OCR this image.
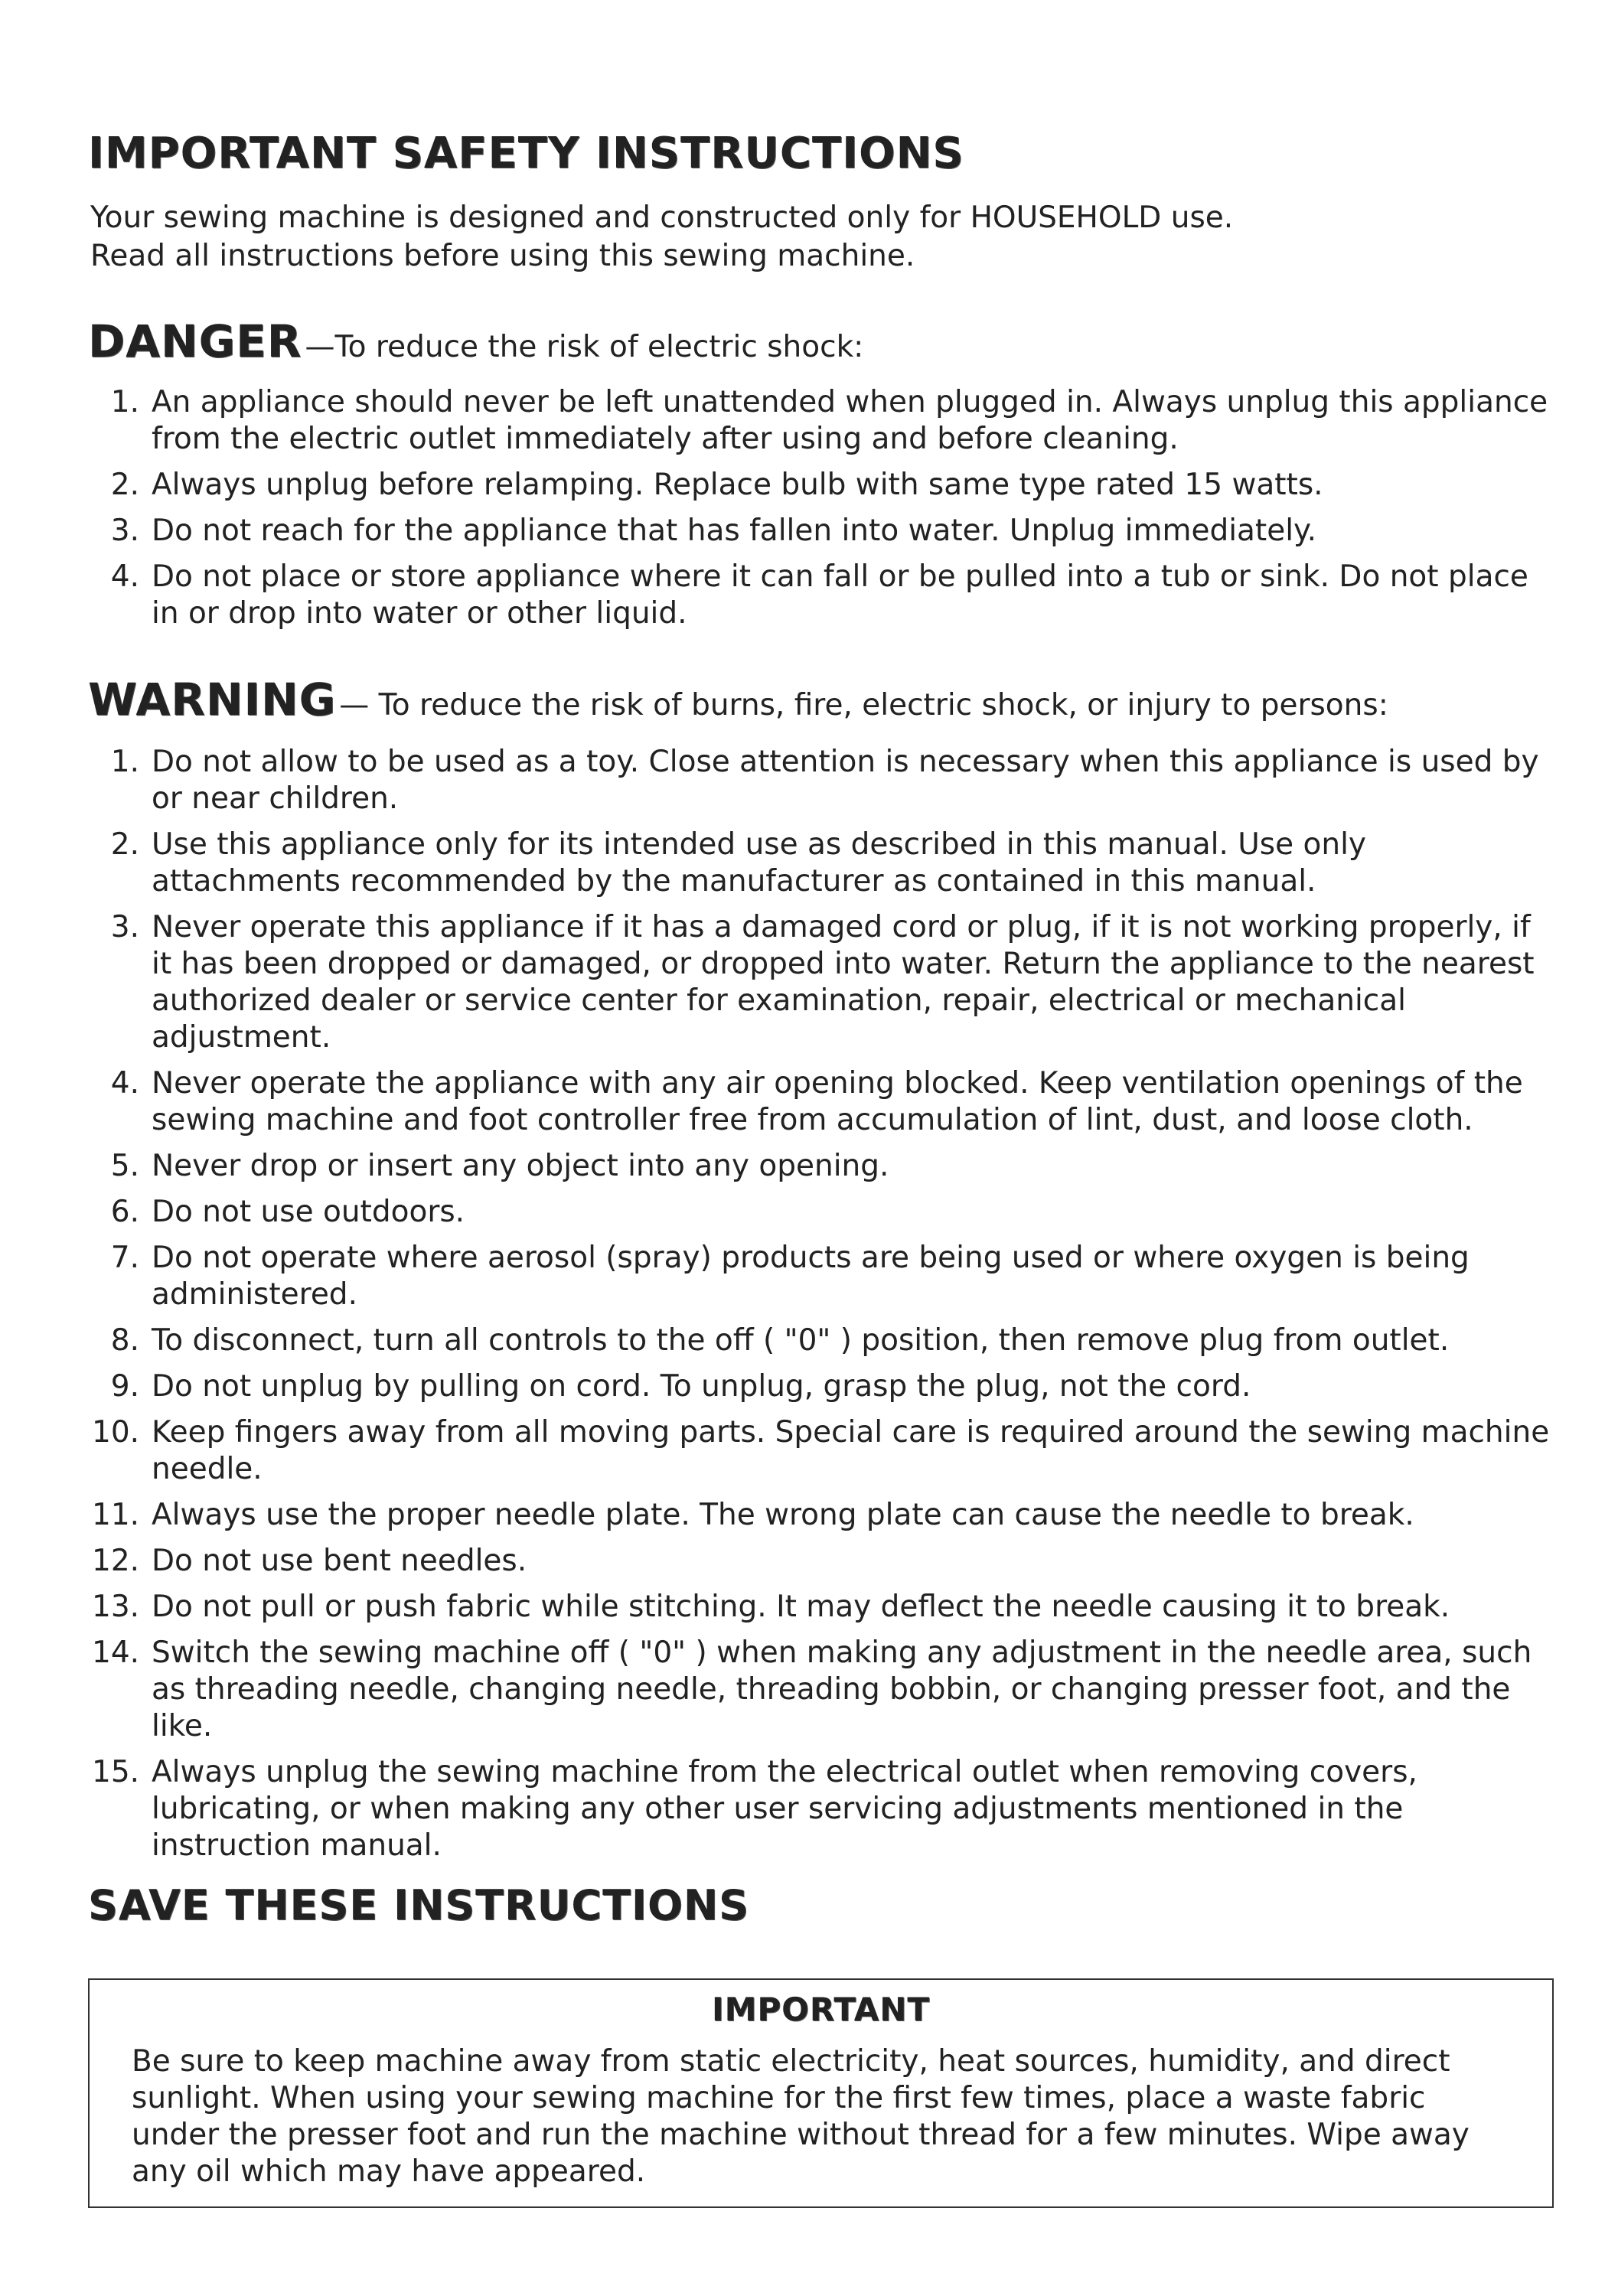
IMPORTANT SAFETY INSTRUCTIONS

Your sewing machine is designed and constructed only for HOUSEHOLD use.

Read all instructions before using this sewing machine.

DANGER —To reduce the risk of electric shock:
1. An appliance should never be left unattended when plugged in. Always unplug this appliance from the electric outlet immediately after using and before cleaning.
2. Always unplug before relamping. Replace bulb with same type rated 15 watts.
3. Do not reach for the appliance that has fallen into water. Unplug immediately.
4. Do not place or store appliance where it can fall or be pulled into a tub or sink. Do not place in or drop into water or other liquid.
WARNING — To reduce the risk of burns, fire, electric shock, or injury to persons:
1. Do not allow to be used as a toy. Close attention is necessary when this appliance is used by or near children.
2. Use this appliance only for its intended use as described in this manual. Use only attachments recommended by the manufacturer as contained in this manual.
3. Never operate this appliance if it has a damaged cord or plug, if it is not working properly, if it has been dropped or damaged, or dropped into water. Return the appliance to the nearest authorized dealer or service center for examination, repair, electrical or mechanical adjustment.
4. Never operate the appliance with any air opening blocked. Keep ventilation openings of the sewing machine and foot controller free from accumulation of lint, dust, and loose cloth.
5. Never drop or insert any object into any opening.
6. Do not use outdoors.
7. Do not operate where aerosol (spray) products are being used or where oxygen is being administered.
8. To disconnect, turn all controls to the off ( "0" ) position, then remove plug from outlet.
9. Do not unplug by pulling on cord. To unplug, grasp the plug, not the cord.
10. Keep fingers away from all moving parts. Special care is required around the sewing machine needle.
11. Always use the proper needle plate. The wrong plate can cause the needle to break.
12. Do not use bent needles.
13. Do not pull or push fabric while stitching. It may deflect the needle causing it to break.
14. Switch the sewing machine off ( "0" ) when making any adjustment in the needle area, such as threading needle, changing needle, threading bobbin, or changing presser foot, and the like.
15. Always unplug the sewing machine from the electrical outlet when removing covers, lubricating, or when making any other user servicing adjustments mentioned in the instruction manual.
SAVE THESE INSTRUCTIONS
IMPORTANT
Be sure to keep machine away from static electricity, heat sources, humidity, and direct sunlight. When using your sewing machine for the first few times, place a waste fabric under the presser foot and run the machine without thread for a few minutes. Wipe away any oil which may have appeared.
